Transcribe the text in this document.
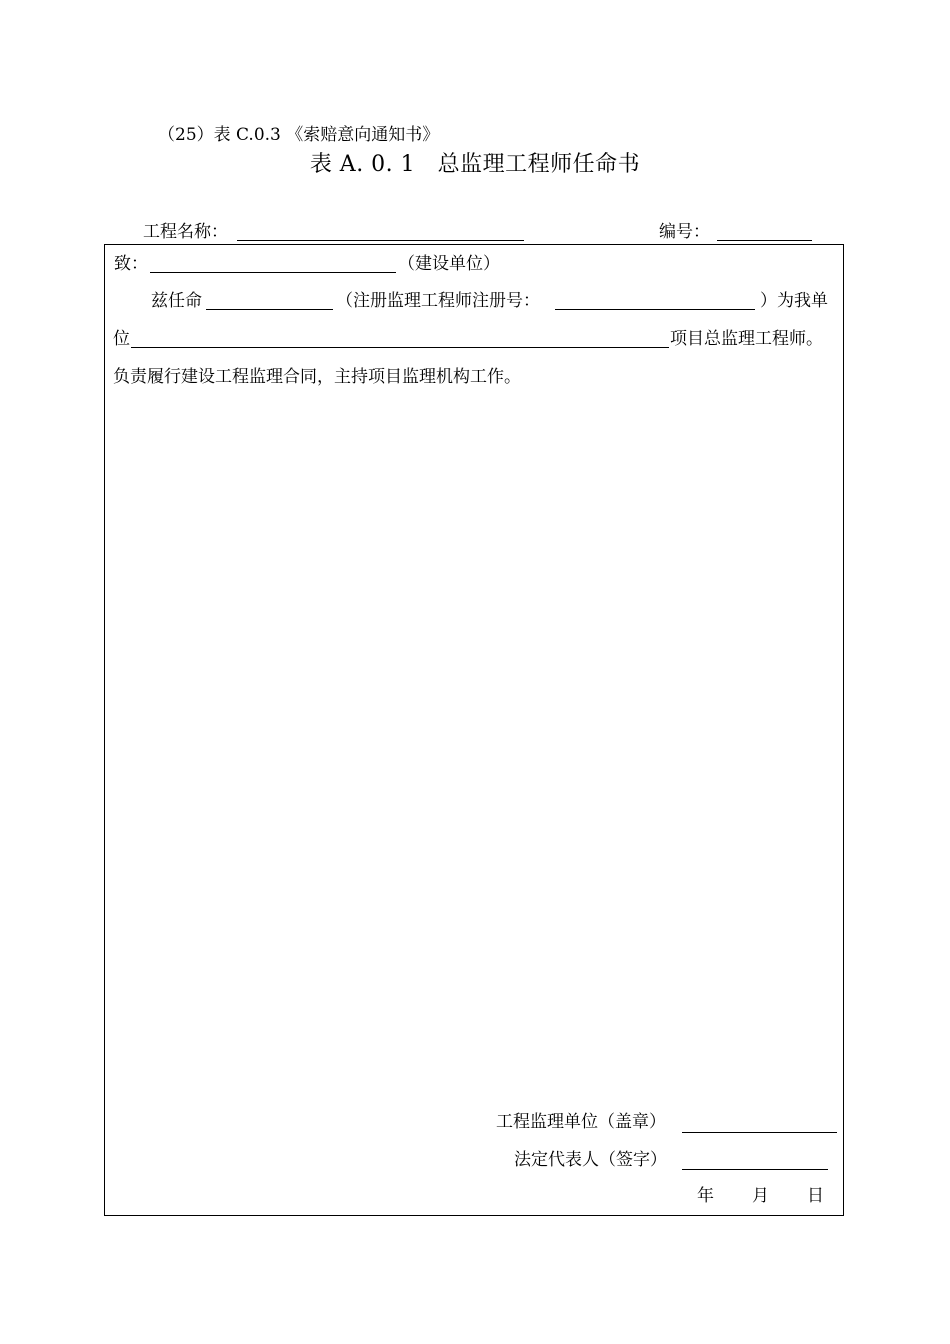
（25）表 C.0.3 《索赔意向通知书》
表 A. 0. 1　总监理工程师任命书
工程名称：	编号：
致：	（建设单位）
兹任命	（注册监理工程师注册号：	）为我单
位	项目总监理工程师。
负责履行建设工程监理合同，主持项目监理机构工作。
工程监理单位（盖章）
法定代表人（签字）
年 月 日
